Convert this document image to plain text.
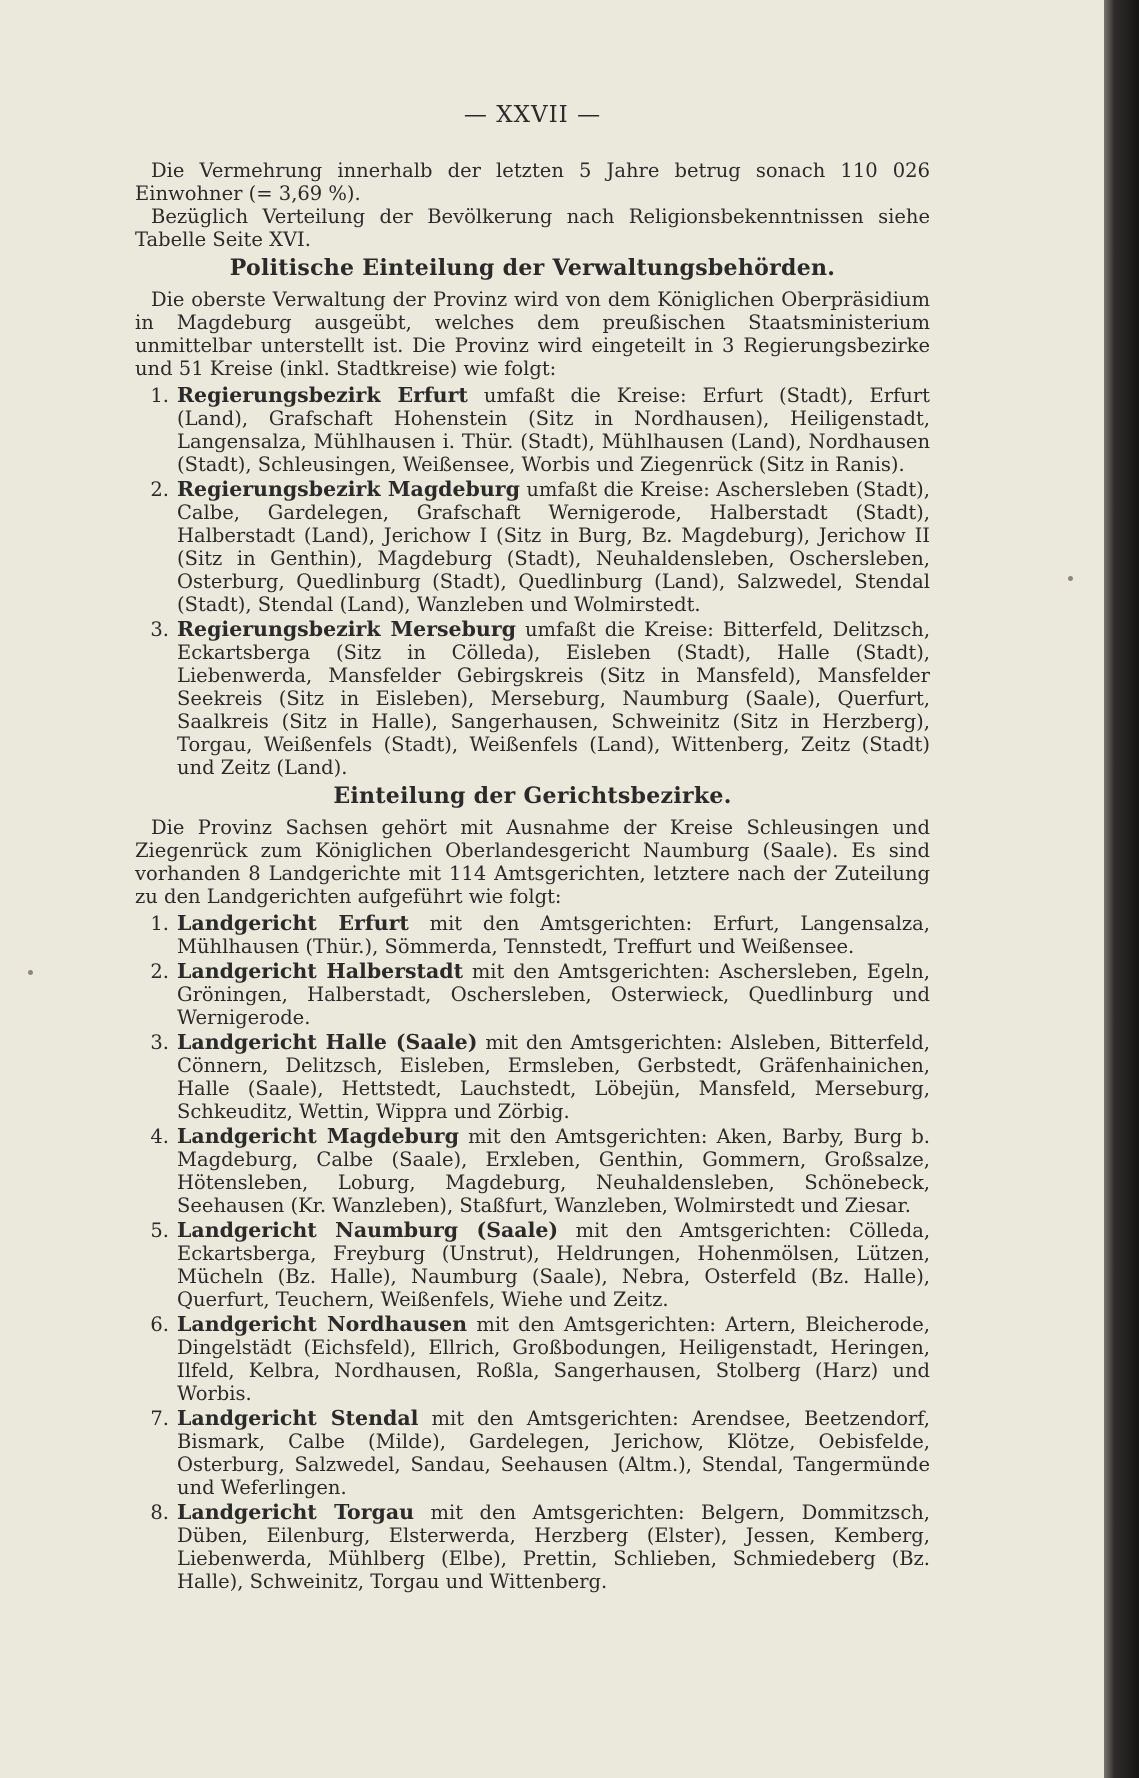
— XXVII —

Die Vermehrung innerhalb der letzten 5 Jahre betrug sonach 110 026 Einwohner (= 3,69 %).

Bezüglich Verteilung der Bevölkerung nach Religionsbekenntnissen siehe Tabelle Seite XVI.

Politische Einteilung der Verwaltungsbehörden.

Die oberste Verwaltung der Provinz wird von dem Königlichen Oberpräsidium in Magdeburg ausgeübt, welches dem preußischen Staatsministerium unmittelbar unterstellt ist. Die Provinz wird eingeteilt in 3 Regierungsbezirke und 51 Kreise (inkl. Stadtkreise) wie folgt:

1. Regierungsbezirk Erfurt umfaßt die Kreise: Erfurt (Stadt), Erfurt (Land), Grafschaft Hohenstein (Sitz in Nordhausen), Heiligenstadt, Langensalza, Mühlhausen i. Thür. (Stadt), Mühlhausen (Land), Nordhausen (Stadt), Schleusingen, Weißensee, Worbis und Ziegenrück (Sitz in Ranis).
2. Regierungsbezirk Magdeburg umfaßt die Kreise: Aschersleben (Stadt), Calbe, Gardelegen, Grafschaft Wernigerode, Halberstadt (Stadt), Halberstadt (Land), Jerichow I (Sitz in Burg, Bz. Magdeburg), Jerichow II (Sitz in Genthin), Magdeburg (Stadt), Neuhaldensleben, Oschersleben, Osterburg, Quedlinburg (Stadt), Quedlinburg (Land), Salzwedel, Stendal (Stadt), Stendal (Land), Wanzleben und Wolmirstedt.
3. Regierungsbezirk Merseburg umfaßt die Kreise: Bitterfeld, Delitzsch, Eckartsberga (Sitz in Cölleda), Eisleben (Stadt), Halle (Stadt), Liebenwerda, Mansfelder Gebirgskreis (Sitz in Mansfeld), Mansfelder Seekreis (Sitz in Eisleben), Merseburg, Naumburg (Saale), Querfurt, Saalkreis (Sitz in Halle), Sangerhausen, Schweinitz (Sitz in Herzberg), Torgau, Weißenfels (Stadt), Weißenfels (Land), Wittenberg, Zeitz (Stadt) und Zeitz (Land).
Einteilung der Gerichtsbezirke.

Die Provinz Sachsen gehört mit Ausnahme der Kreise Schleusingen und Ziegenrück zum Königlichen Oberlandesgericht Naumburg (Saale). Es sind vorhanden 8 Landgerichte mit 114 Amtsgerichten, letztere nach der Zuteilung zu den Landgerichten aufgeführt wie folgt:

1. Landgericht Erfurt mit den Amtsgerichten: Erfurt, Langensalza, Mühlhausen (Thür.), Sömmerda, Tennstedt, Treffurt und Weißensee.
2. Landgericht Halberstadt mit den Amtsgerichten: Aschersleben, Egeln, Gröningen, Halberstadt, Oschersleben, Osterwieck, Quedlinburg und Wernigerode.
3. Landgericht Halle (Saale) mit den Amtsgerichten: Alsleben, Bitterfeld, Cönnern, Delitzsch, Eisleben, Ermsleben, Gerbstedt, Gräfenhainichen, Halle (Saale), Hettstedt, Lauchstedt, Löbejün, Mansfeld, Merseburg, Schkeuditz, Wettin, Wippra und Zörbig.
4. Landgericht Magdeburg mit den Amtsgerichten: Aken, Barby, Burg b. Magdeburg, Calbe (Saale), Erxleben, Genthin, Gommern, Großsalze, Hötensleben, Loburg, Magdeburg, Neuhaldensleben, Schönebeck, Seehausen (Kr. Wanzleben), Staßfurt, Wanzleben, Wolmirstedt und Ziesar.
5. Landgericht Naumburg (Saale) mit den Amtsgerichten: Cölleda, Eckartsberga, Freyburg (Unstrut), Heldrungen, Hohenmölsen, Lützen, Mücheln (Bz. Halle), Naumburg (Saale), Nebra, Osterfeld (Bz. Halle), Querfurt, Teuchern, Weißenfels, Wiehe und Zeitz.
6. Landgericht Nordhausen mit den Amtsgerichten: Artern, Bleicherode, Dingelstädt (Eichsfeld), Ellrich, Großbodungen, Heiligenstadt, Heringen, Ilfeld, Kelbra, Nordhausen, Roßla, Sangerhausen, Stolberg (Harz) und Worbis.
7. Landgericht Stendal mit den Amtsgerichten: Arendsee, Beetzendorf, Bismark, Calbe (Milde), Gardelegen, Jerichow, Klötze, Oebisfelde, Osterburg, Salzwedel, Sandau, Seehausen (Altm.), Stendal, Tangermünde und Weferlingen.
8. Landgericht Torgau mit den Amtsgerichten: Belgern, Dommitzsch, Düben, Eilenburg, Elsterwerda, Herzberg (Elster), Jessen, Kemberg, Liebenwerda, Mühlberg (Elbe), Prettin, Schlieben, Schmiedeberg (Bz. Halle), Schweinitz, Torgau und Wittenberg.
